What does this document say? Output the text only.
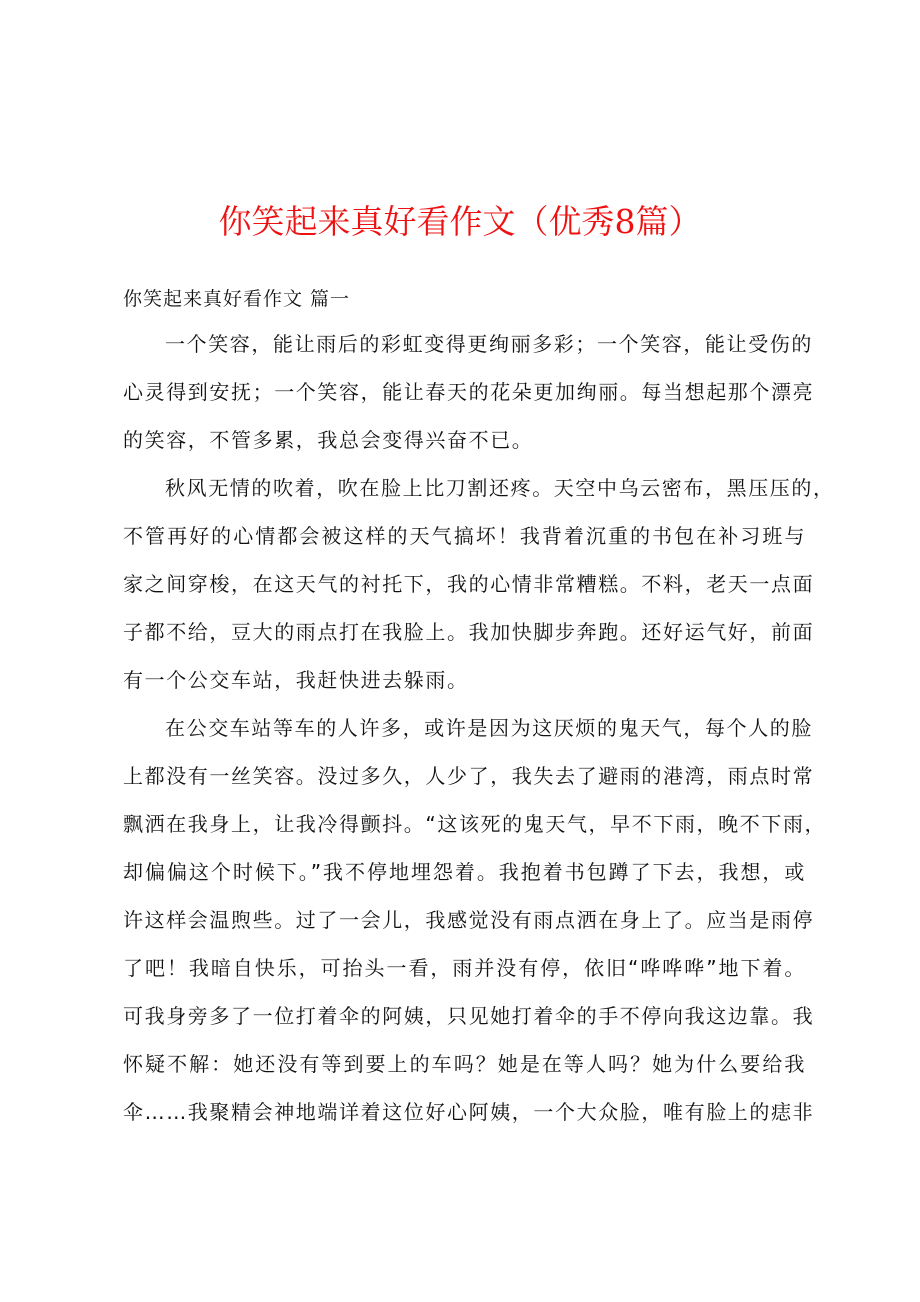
你笑起来真好看作文（优秀8篇）
你笑起来真好看作文 篇一
一个笑容，能让雨后的彩虹变得更绚丽多彩；一个笑容，能让受伤的
心灵得到安抚；一个笑容，能让春天的花朵更加绚丽。每当想起那个漂亮
的笑容，不管多累，我总会变得兴奋不已。
秋风无情的吹着，吹在脸上比刀割还疼。天空中乌云密布，黑压压的，
不管再好的心情都会被这样的天气搞坏！我背着沉重的书包在补习班与
家之间穿梭，在这天气的衬托下，我的心情非常糟糕。不料，老天一点面
子都不给，豆大的雨点打在我脸上。我加快脚步奔跑。还好运气好，前面
有一个公交车站，我赶快进去躲雨。
在公交车站等车的人许多，或许是因为这厌烦的鬼天气，每个人的脸
上都没有一丝笑容。没过多久，人少了，我失去了避雨的港湾，雨点时常
飘洒在我身上，让我冷得颤抖。“这该死的鬼天气，早不下雨，晚不下雨，
却偏偏这个时候下。”我不停地埋怨着。我抱着书包蹲了下去，我想，或
许这样会温煦些。过了一会儿，我感觉没有雨点洒在身上了。应当是雨停
了吧！我暗自快乐，可抬头一看，雨并没有停，依旧“哗哗哗”地下着。
可我身旁多了一位打着伞的阿姨，只见她打着伞的手不停向我这边靠。我
怀疑不解：她还没有等到要上的车吗？她是在等人吗？她为什么要给我
伞……我聚精会神地端详着这位好心阿姨，一个大众脸，唯有脸上的痣非
